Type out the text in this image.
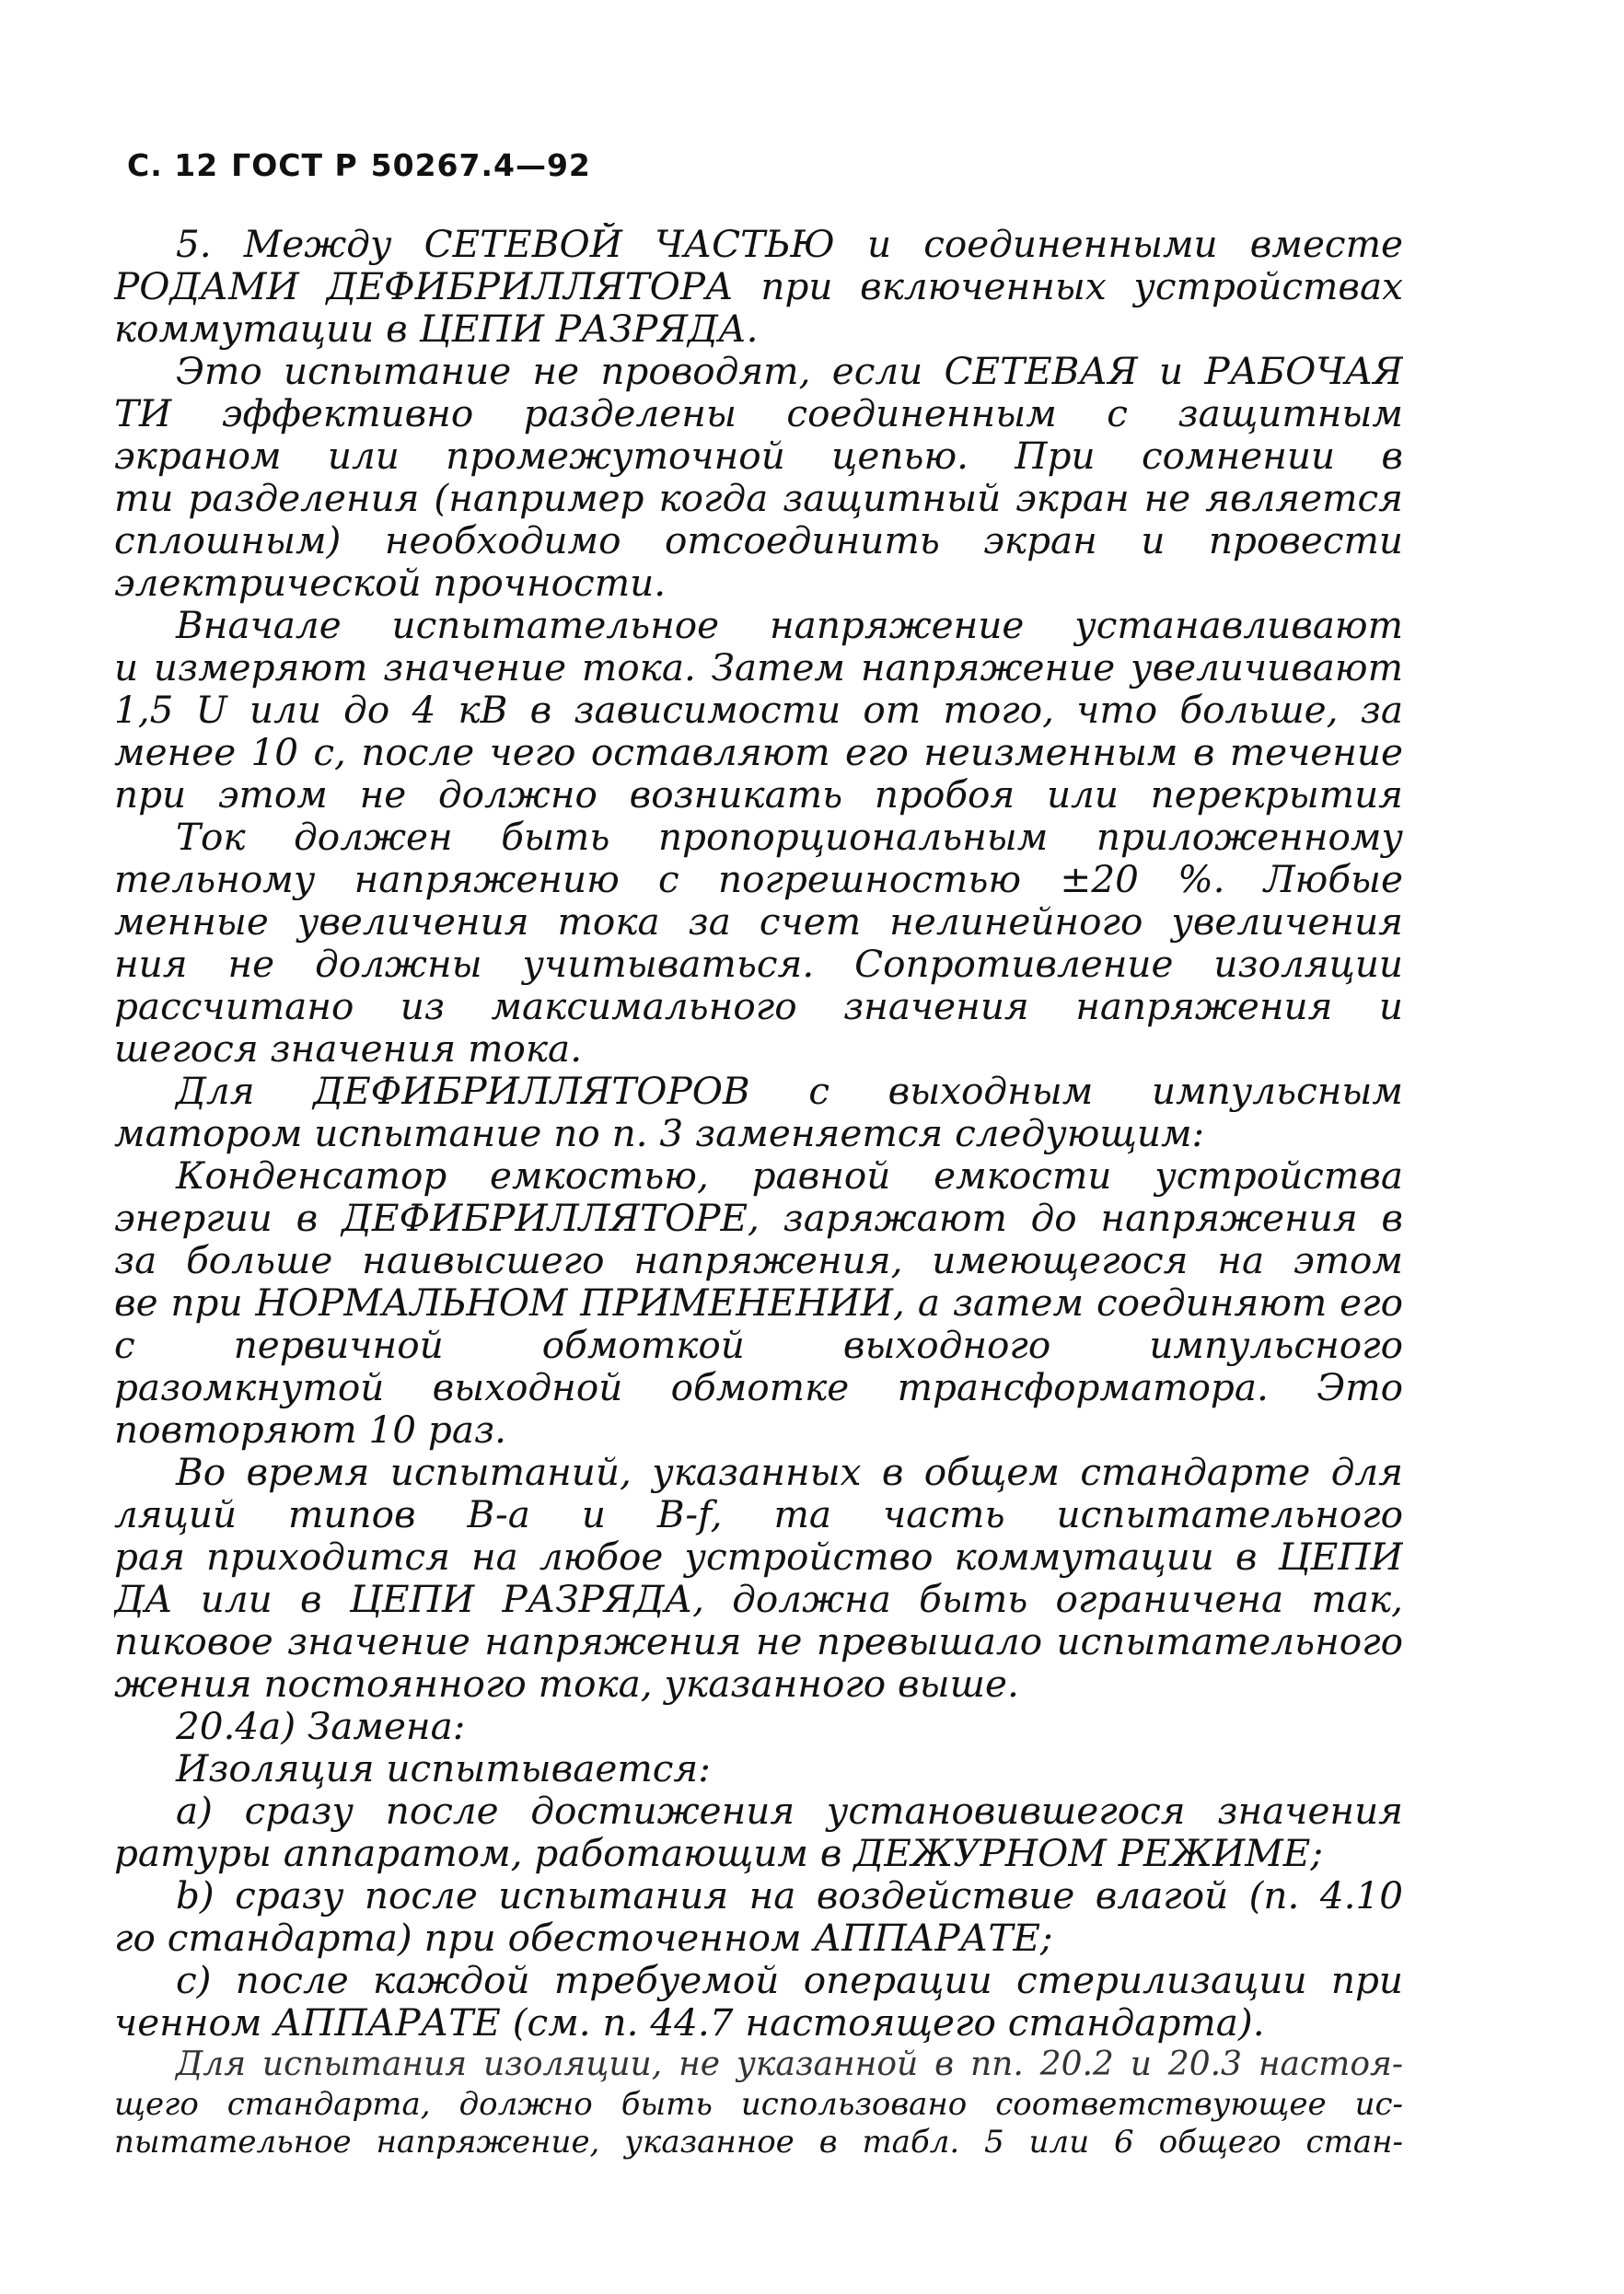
С. 12 ГОСТ Р 50267.4—92
5. Между СЕТЕВОЙ ЧАСТЬЮ и соединенными вместе
РОДАМИ ДЕФИБРИЛЛЯТОРА при включенных устройствах
коммутации в ЦЕПИ РАЗРЯДА.
Это испытание не проводят, если СЕТЕВАЯ и РАБОЧАЯ
ТИ эффективно разделены соединенным с защитным
экраном или промежуточной цепью. При сомнении в
ти разделения (например когда защитный экран не является
сплошным) необходимо отсоединить экран и провести
электрической прочности.
Вначале испытательное напряжение устанавливают
и измеряют значение тока. Затем напряжение увеличивают
1,5 U или до 4 кВ в зависимости от того, что больше, за
менее 10 с, после чего оставляют его неизменным в течение
при этом не должно возникать пробоя или перекрытия
Ток должен быть пропорциональным приложенному
тельному напряжению с погрешностью ±20 %. Любые
менные увеличения тока за счет нелинейного увеличения
ния не должны учитываться. Сопротивление изоляции
рассчитано из максимального значения напряжения и
шегося значения тока.
Для ДЕФИБРИЛЛЯТОРОВ с выходным импульсным
матором испытание по п. 3 заменяется следующим:
Конденсатор емкостью, равной емкости устройства
энергии в ДЕФИБРИЛЛЯТОРЕ, заряжают до напряжения в
за больше наивысшего напряжения, имеющегося на этом
ве при НОРМАЛЬНОМ ПРИМЕНЕНИИ, а затем соединяют его
с первичной обмоткой выходного импульсного
разомкнутой выходной обмотке трансформатора. Это
повторяют 10 раз.
Во время испытаний, указанных в общем стандарте для
ляций типов B-a и B-f, та часть испытательного
рая приходится на любое устройство коммутации в ЦЕПИ
ДА или в ЦЕПИ РАЗРЯДА, должна быть ограничена так,
пиковое значение напряжения не превышало испытательного
жения постоянного тока, указанного выше.
20.4а) Замена:
Изоляция испытывается:
а) сразу после достижения установившегося значения
ратуры аппаратом, работающим в ДЕЖУРНОМ РЕЖИМЕ;
b) сразу после испытания на воздействие влагой (п. 4.10
го стандарта) при обесточенном АППАРАТЕ;
с) после каждой требуемой операции стерилизации при
ченном АППАРАТЕ (см. п. 44.7 настоящего стандарта).
Для испытания изоляции, не указанной в пп. 20.2 и 20.3 настоя-
щего стандарта, должно быть использовано соответствующее ис-
пытательное напряжение, указанное в табл. 5 или 6 общего стан-
